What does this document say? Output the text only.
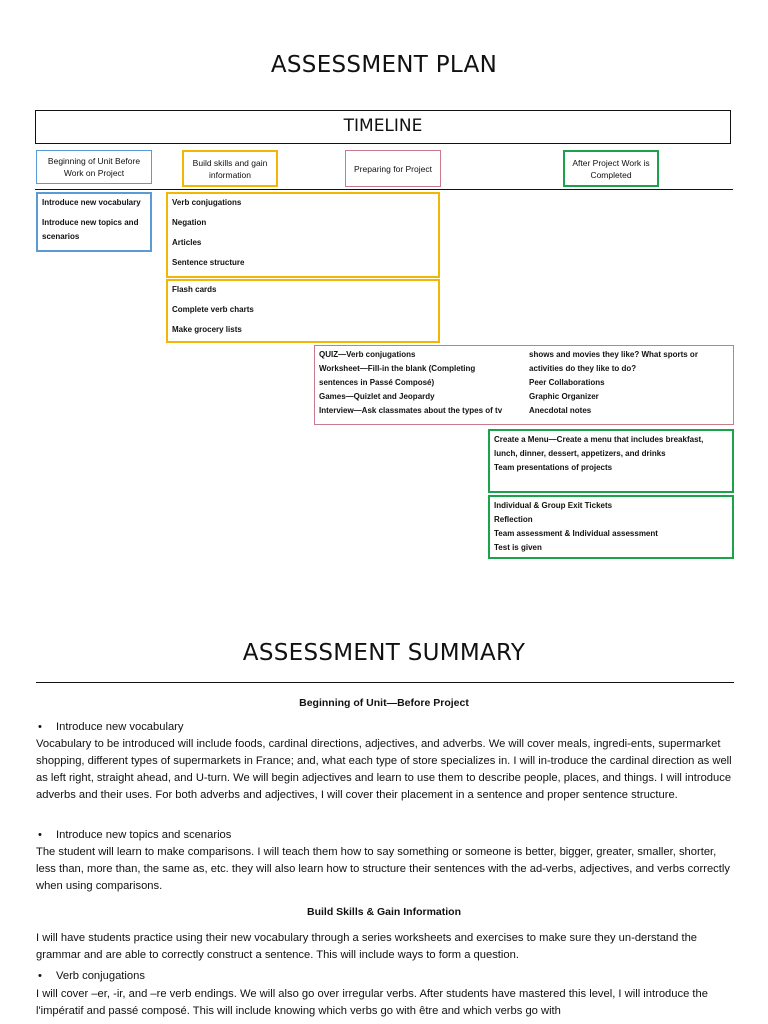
ASSESSMENT PLAN
TIMELINE
Beginning of Unit Before Work on Project
Build skills and gain information
Preparing for Project
After Project Work is Completed
Introduce new vocabulary
Introduce new topics and scenarios
Verb conjugations
Negation
Articles
Sentence structure
Flash cards
Complete verb charts
Make grocery lists
QUIZ—Verb conjugations
Worksheet—Fill-in the blank (Completing sentences in Passé Composé)
Games—Quizlet and Jeopardy
Interview—Ask classmates about the types of tv
shows and movies they like? What sports or activities do they like to do?
Peer Collaborations
Graphic Organizer
Anecdotal notes
Create a Menu—Create a menu that includes breakfast, lunch, dinner, dessert, appetizers, and drinks
Team presentations of projects
Individual & Group Exit Tickets
Reflection
Team assessment & Individual assessment
Test is given
ASSESSMENT SUMMARY
Beginning of Unit—Before Project
• Introduce new vocabulary
Vocabulary to be introduced will include foods, cardinal directions, adjectives, and adverbs. We will cover meals, ingredi-ents, supermarket shopping, different types of supermarkets in France; and, what each type of store specializes in. I will in-troduce the cardinal direction as well as left right, straight ahead, and U-turn. We will begin adjectives and learn to use them to describe people, places, and things. I will introduce adverbs and their uses. For both adverbs and adjectives, I will cover their placement in a sentence and proper sentence structure.
• Introduce new topics and scenarios
The student will learn to make comparisons. I will teach them how to say something or someone is better, bigger, greater, smaller, shorter, less than, more than, the same as, etc. they will also learn how to structure their sentences with the ad-verbs, adjectives, and verbs correctly when using comparisons.
Build Skills & Gain Information
I will have students practice using their new vocabulary through a series worksheets and exercises to make sure they un-derstand the grammar and are able to correctly construct a sentence. This will include ways to form a question.
• Verb conjugations
I will cover –er, -ir, and –re verb endings. We will also go over irregular verbs. After students have mastered this level, I will introduce the l'impératif and passé composé. This will include knowing which verbs go with être and which verbs go with
